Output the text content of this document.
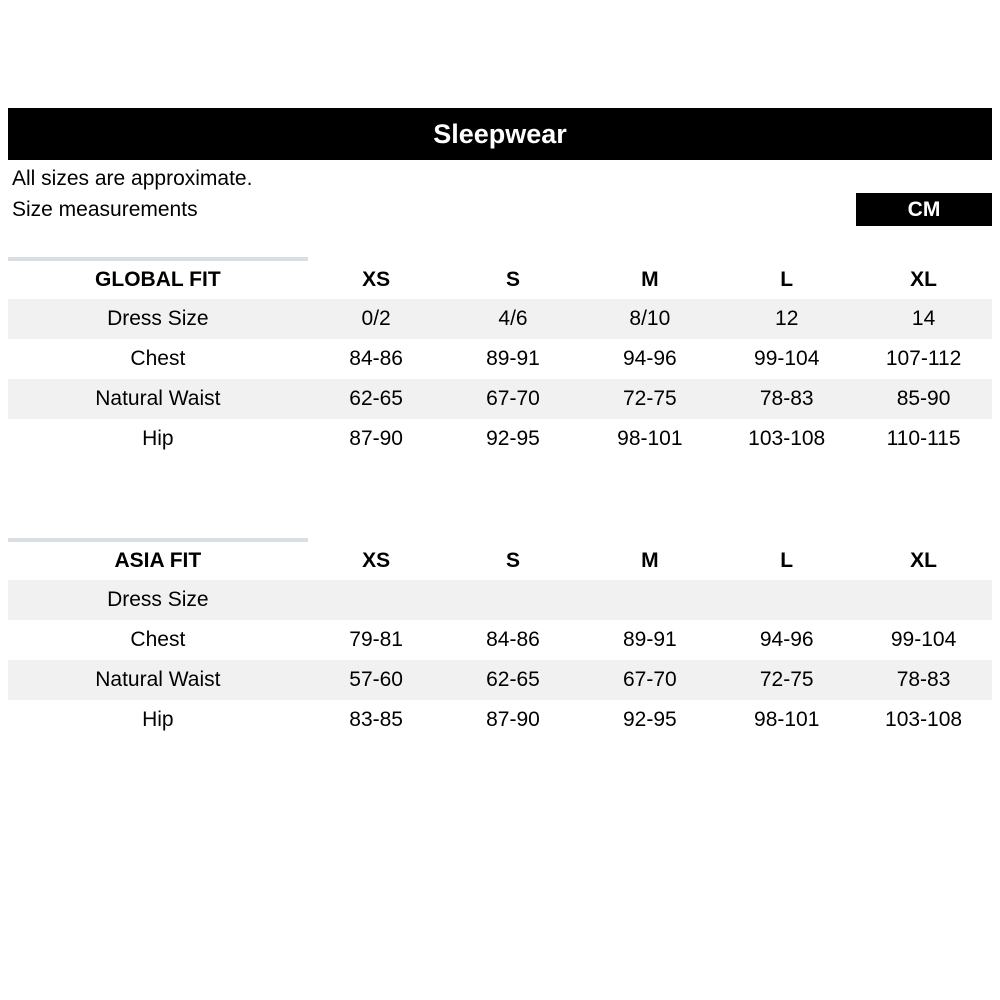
Sleepwear
All sizes are approximate.
Size measurements	CM
GLOBAL FIT	XS	S	M	L	XL
Dress Size	0/2	4/6	8/10	12	14
Chest	84-86	89-91	94-96	99-104	107-112
Natural Waist	62-65	67-70	72-75	78-83	85-90
Hip	87-90	92-95	98-101	103-108	110-115
ASIA FIT	XS	S	M	L	XL
Dress Size
Chest	79-81	84-86	89-91	94-96	99-104
Natural Waist	57-60	62-65	67-70	72-75	78-83
Hip	83-85	87-90	92-95	98-101	103-108
